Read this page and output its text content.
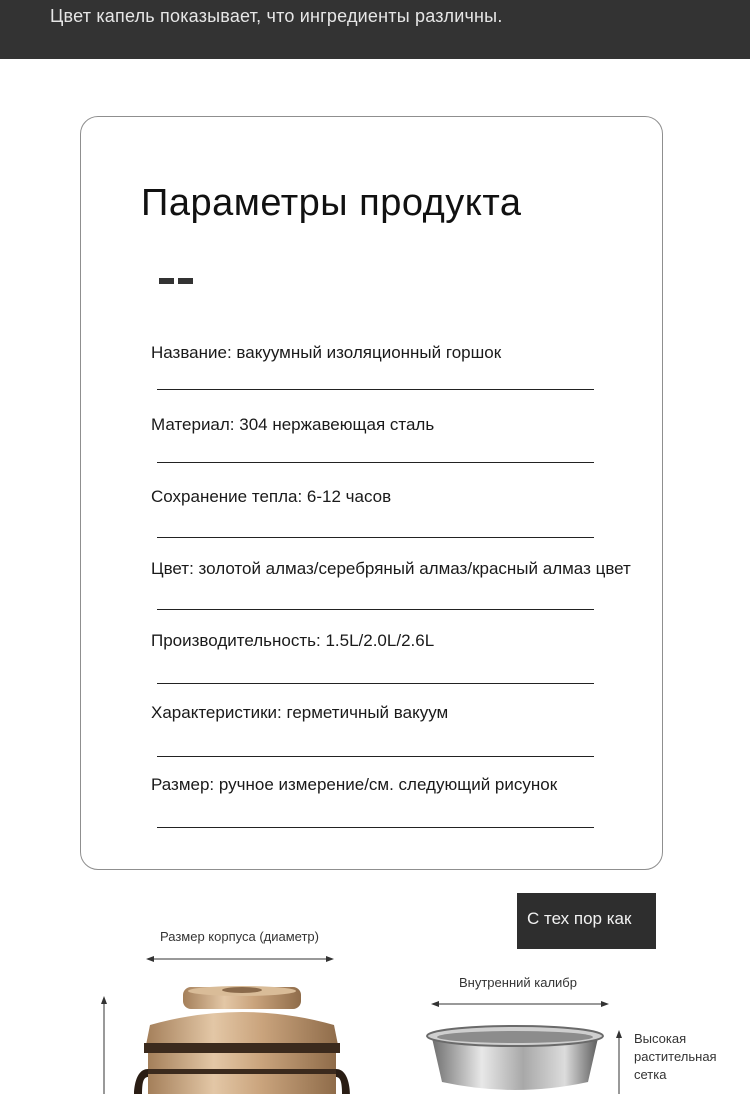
Цвет капель показывает, что ингредиенты различны.
Параметры продукта
Название: вакуумный изоляционный горшок
Материал: 304 нержавеющая сталь
Сохранение тепла: 6-12 часов
Цвет: золотой алмаз/серебряный алмаз/красный алмаз цвет
Производительность: 1.5L/2.0L/2.6L
Характеристики: герметичный вакуум
Размер: ручное измерение/см. следующий рисунок
С тех пор как
Размер корпуса (диаметр)
Внутренний калибр
Высокая
растительная
сетка
